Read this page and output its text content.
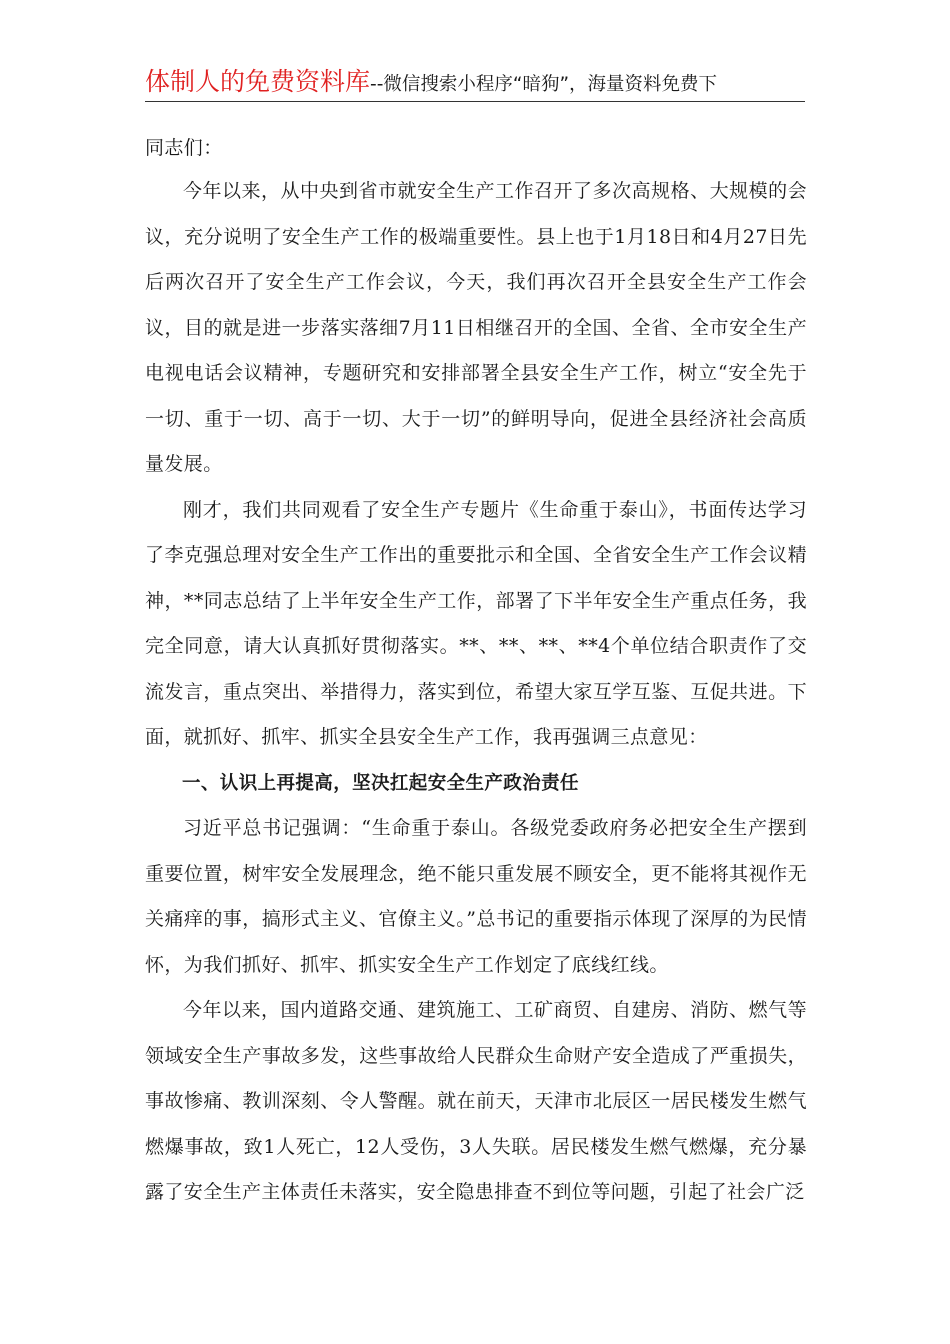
体制人的免费资料库--微信搜索小程序“暗狗”，海量资料免费下

同志们：

今年以来，从中央到省市就安全生产工作召开了多次高规格、大规模的会议，充分说明了安全生产工作的极端重要性。县上也于1月18日和4月27日先后两次召开了安全生产工作会议，今天，我们再次召开全县安全生产工作会议，目的就是进一步落实落细7月11日相继召开的全国、全省、全市安全生产电视电话会议精神，专题研究和安排部署全县安全生产工作，树立“安全先于一切、重于一切、高于一切、大于一切”的鲜明导向，促进全县经济社会高质量发展。

刚才，我们共同观看了安全生产专题片《生命重于泰山》，书面传达学习了李克强总理对安全生产工作出的重要批示和全国、全省安全生产工作会议精神，**同志总结了上半年安全生产工作，部署了下半年安全生产重点任务，我完全同意，请大认真抓好贯彻落实。**、**、**、**4个单位结合职责作了交流发言，重点突出、举措得力，落实到位，希望大家互学互鉴、互促共进。下面，就抓好、抓牢、抓实全县安全生产工作，我再强调三点意见：

一、认识上再提高，坚决扛起安全生产政治责任

习近平总书记强调：“生命重于泰山。各级党委政府务必把安全生产摆到重要位置，树牢安全发展理念，绝不能只重发展不顾安全，更不能将其视作无关痛痒的事，搞形式主义、官僚主义。”总书记的重要指示体现了深厚的为民情怀，为我们抓好、抓牢、抓实安全生产工作划定了底线红线。

今年以来，国内道路交通、建筑施工、工矿商贸、自建房、消防、燃气等领域安全生产事故多发，这些事故给人民群众生命财产安全造成了严重损失，事故惨痛、教训深刻、令人警醒。就在前天，天津市北辰区一居民楼发生燃气燃爆事故，致1人死亡，12人受伤，3人失联。居民楼发生燃气燃爆，充分暴露了安全生产主体责任未落实，安全隐患排查不到位等问题，引起了社会广泛
